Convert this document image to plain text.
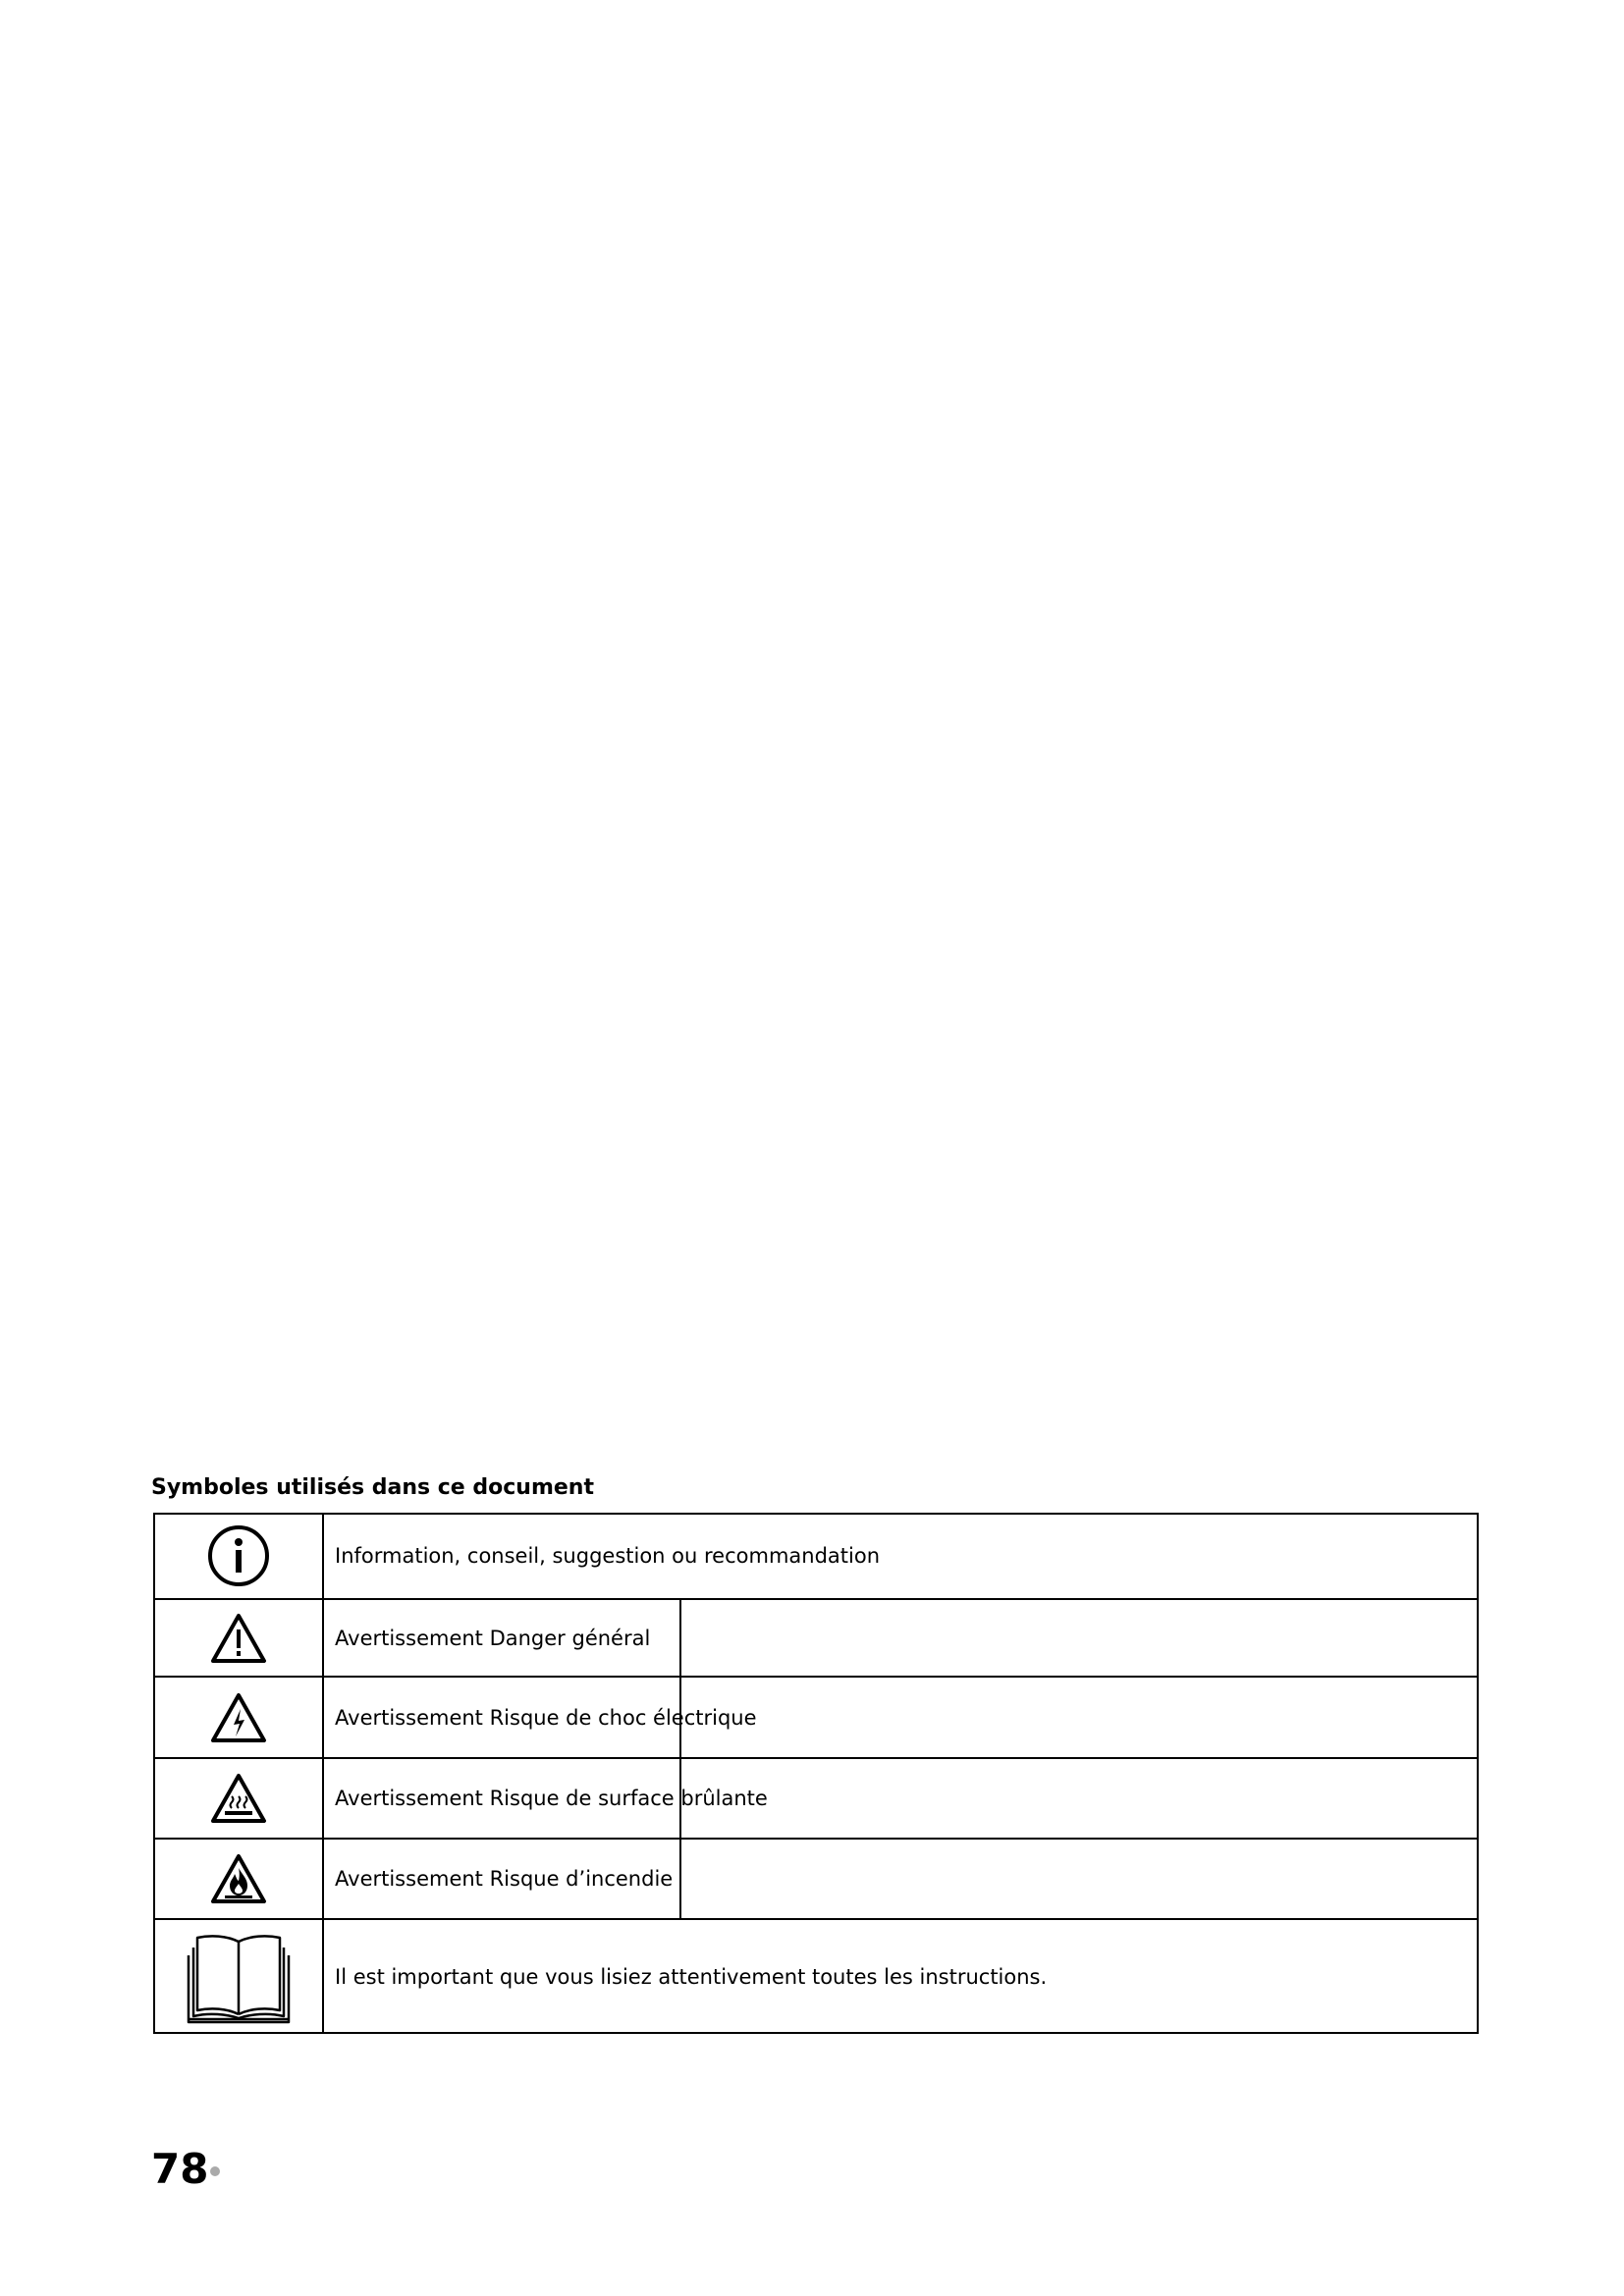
Symboles utilisés dans ce document
Information, conseil, suggestion ou recommandation
Avertissement Danger général
Avertissement Risque de choc électrique
Avertissement Risque de surface brûlante
Avertissement Risque d’incendie
Il est important que vous lisiez attentivement toutes les instructions.
78
